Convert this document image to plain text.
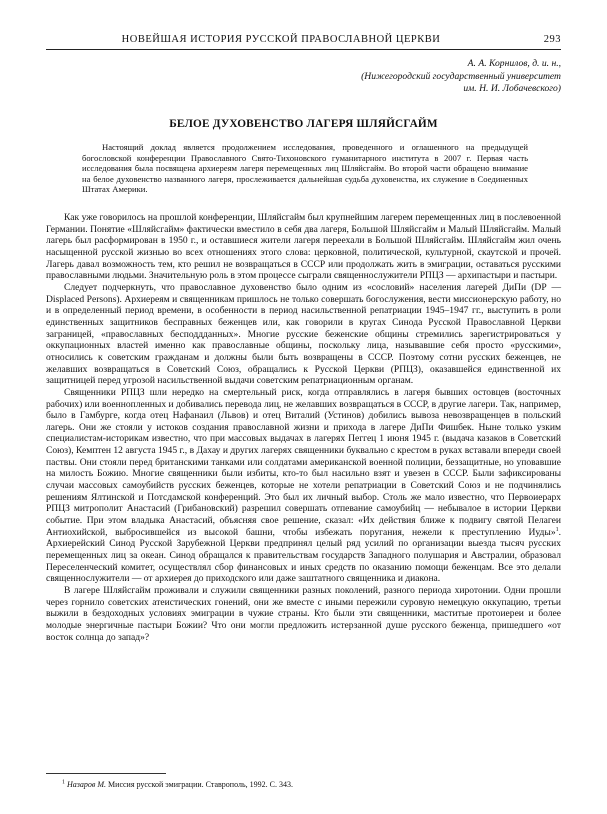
НОВЕЙШАЯ ИСТОРИЯ РУССКОЙ ПРАВОСЛАВНОЙ ЦЕРКВИ	293
А. А. Корнилов, д. и. н.,
(Нижегородский государственный университет
им. Н. И. Лобачевского)
БЕЛОЕ ДУХОВЕНСТВО ЛАГЕРЯ ШЛЯЙСГАЙМ

Настоящий доклад является продолжением исследования, проведенного и оглашенного на предыдущей богословской конференции Православного Свято-Тихоновского гуманитарного института в 2007 г. Первая часть исследования была посвящена архиереям лагеря перемещенных лиц Шляйсгайм. Во второй части обращено внимание на белое духовенство названного лагеря, прослеживается дальнейшая судьба духовенства, их служение в Соединенных Штатах Америки.

Как уже говорилось на прошлой конференции, Шляйсгайм был крупнейшим лагерем перемещенных лиц в послевоенной Германии. Понятие «Шляйсгайм» фактически вместило в себя два лагеря, Большой Шляйсгайм и Малый Шляйсгайм. Малый лагерь был расформирован в 1950 г., и оставшиеся жители лагеря переехали в Большой Шляйсгайм. Шляйсгайм жил очень насыщенной русской жизнью во всех отношениях этого слова: церковной, политической, культурной, скаутской и прочей. Лагерь давал возможность тем, кто решил не возвращаться в СССР или продолжать жить в эмиграции, оставаться русскими православными людьми. Значительную роль в этом процессе сыграли священнослужители РПЦЗ — архипастыри и пастыри.

Следует подчеркнуть, что православное духовенство было одним из «сословий» населения лагерей ДиПи (DP — Displaced Persons). Архиереям и священникам пришлось не только совершать богослужения, вести миссионерскую работу, но и в определенный период времени, в особенности в период насильственной репатриации 1945–1947 гг., выступить в роли единственных защитников бесправных беженцев или, как говорили в кругах Синода Русской Православной Церкви заграницей, «православных бесподдданных». Многие русские беженские общины стремились зарегистрироваться у оккупационных властей именно как православные общины, поскольку лица, называвшие себя просто «русскими», относились к советским гражданам и должны были быть возвращены в СССР. Поэтому сотни русских беженцев, не желавших возвращаться в Советский Союз, обращались к Русской Церкви (РПЦЗ), оказавшейся единственной их защитницей перед угрозой насильственной выдачи советским репатриационным органам.

Священники РПЦЗ шли нередко на смертельный риск, когда отправлялись в лагеря бывших остовцев (восточных рабочих) или военнопленных и добивались перевода лиц, не желавших возвращаться в СССР, в другие лагери. Так, например, было в Гамбурге, когда отец Нафанаил (Львов) и отец Виталий (Устинов) добились вывоза невозвращенцев в польский лагерь. Они же стояли у истоков создания православной жизни и прихода в лагере ДиПи Фишбек. Ныне только узким специалистам-историкам известно, что при массовых выдачах в лагерях Пеггец 1 июня 1945 г. (выдача казаков в Советский Союз), Кемптен 12 августа 1945 г., в Дахау и других лагерях священники буквально с крестом в руках вставали впереди своей паствы. Они стояли перед британскими танками или солдатами американской военной полиции, беззащитные, но уповавшие на милость Божию. Многие священники были избиты, кто-то был насильно взят и увезен в СССР. Были зафиксированы случаи массовых самоубийств русских беженцев, которые не хотели репатриации в Советский Союз и не подчинялись решениям Ялтинской и Потсдамской конференций. Это был их личный выбор. Столь же мало известно, что Первоиерарх РПЦЗ митрополит Анастасий (Грибановский) разрешил совершать отпевание самоубийц — небывалое в истории Церкви событие. При этом владыка Анастасий, объясняя свое решение, сказал: «Их действия ближе к подвигу святой Пелагеи Антиохийской, выбросившейся из высокой башни, чтобы избежать поругания, нежели к преступлению Иуды»$^1$. Архиерейский Синод Русской Зарубежной Церкви предпринял целый ряд усилий по организации выезда тысяч русских перемещенных лиц за океан. Синод обращался к правительствам государств Западного полушария и Австралии, образовал Переселенческий комитет, осуществлял сбор финансовых и иных средств по оказанию помощи беженцам. Все это делали священнослужители — от архиерея до приходского или даже заштатного священника и диакона.

В лагере Шляйсгайм проживали и служили священники разных поколений, разного периода хиротонии. Одни прошли через горнило советских атеистических гонений, они же вместе с иными пережили суровую немецкую оккупацию, третьи выжили в бездоходных условиях эмиграции в чужие страны. Кто были эти священники, маститые протоиереи и более молодые энергичные пастыри Божии? Что они могли предложить истерзанной душе русского беженца, пришедшего «от восток солнца до запад»?

$^1$ Назаров М. Миссия русской эмиграции. Ставрополь, 1992. С. 343.
